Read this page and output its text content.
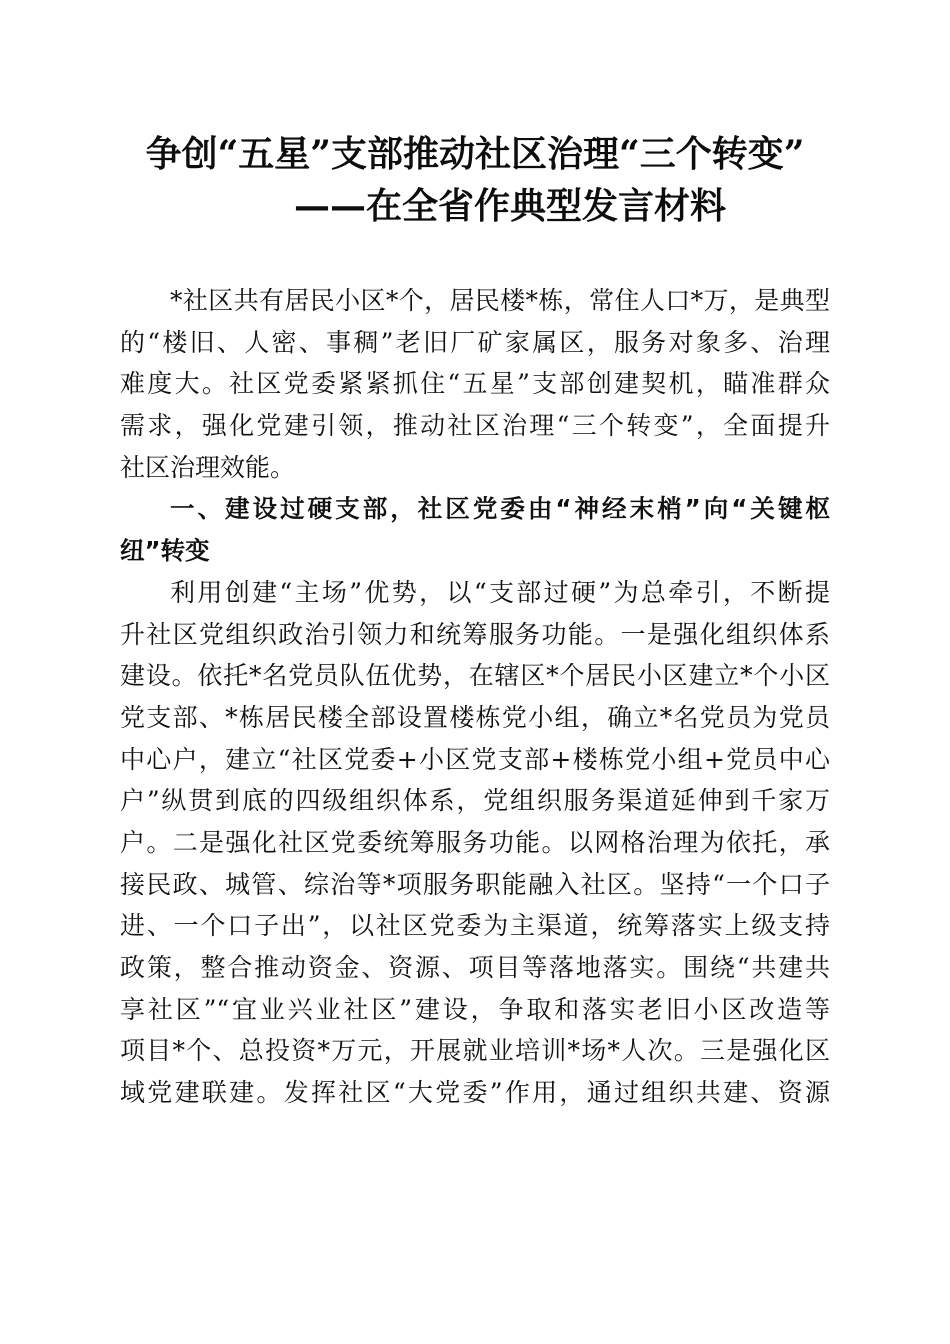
争创“五星”支部推动社区治理“三个转变”
——在全省作典型发言材料
*社区共有居民小区*个，居民楼*栋，常住人口*万，是典型
的“楼旧、人密、事稠”老旧厂矿家属区，服务对象多、治理
难度大。社区党委紧紧抓住“五星”支部创建契机，瞄准群众
需求，强化党建引领，推动社区治理“三个转变”，全面提升
社区治理效能。
一、建设过硬支部，社区党委由“神经末梢”向“关键枢
纽”转变
利用创建“主场”优势，以“支部过硬”为总牵引，不断提
升社区党组织政治引领力和统筹服务功能。一是强化组织体系
建设。依托*名党员队伍优势，在辖区*个居民小区建立*个小区
党支部、*栋居民楼全部设置楼栋党小组，确立*名党员为党员
中心户，建立“社区党委+小区党支部+楼栋党小组+党员中心
户”纵贯到底的四级组织体系，党组织服务渠道延伸到千家万
户。二是强化社区党委统筹服务功能。以网格治理为依托，承
接民政、城管、综治等*项服务职能融入社区。坚持“一个口子
进、一个口子出”，以社区党委为主渠道，统筹落实上级支持
政策，整合推动资金、资源、项目等落地落实。围绕“共建共
享社区”“宜业兴业社区”建设，争取和落实老旧小区改造等
项目*个、总投资*万元，开展就业培训*场*人次。三是强化区
域党建联建。发挥社区“大党委”作用，通过组织共建、资源
